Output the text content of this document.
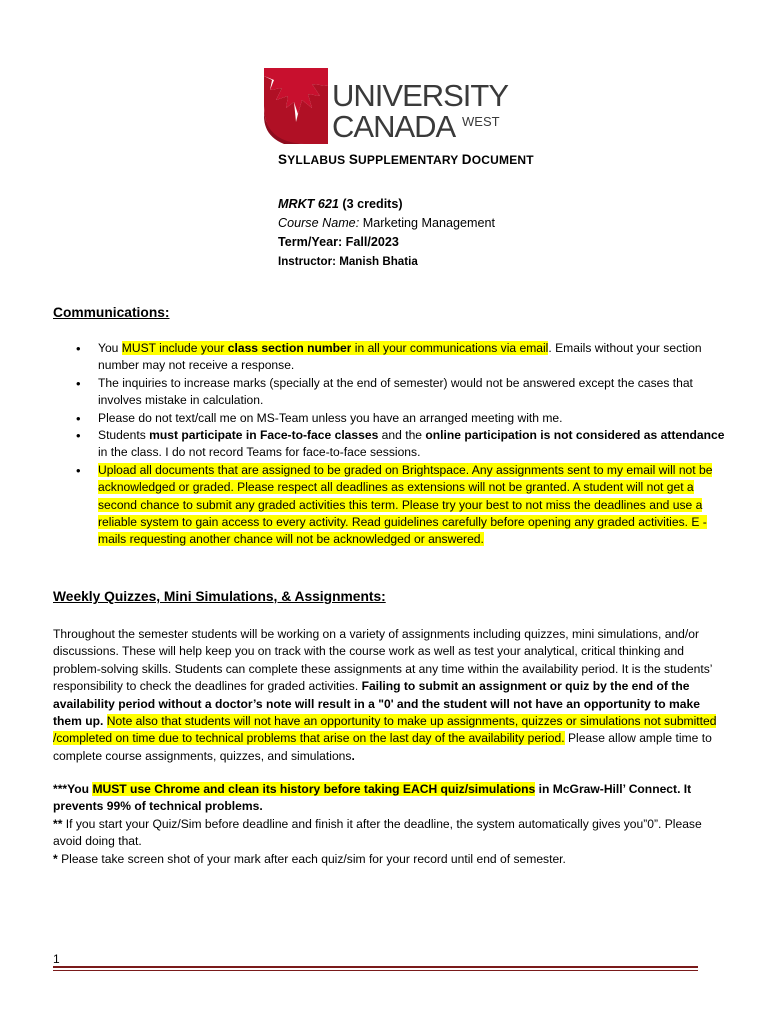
UNIVERSITY
CANADA WEST
SYLLABUS SUPPLEMENTARY DOCUMENT
MRKT 621 (3 credits)
Course Name: Marketing Management
Term/Year: Fall/2023
Instructor: Manish Bhatia
Communications:
• You MUST include your class section number in all your communications via email. Emails without your section number may not receive a response.
• The inquiries to increase marks (specially at the end of semester) would not be answered except the cases that involves mistake in calculation.
• Please do not text/call me on MS-Team unless you have an arranged meeting with me.
• Students must participate in Face-to-face classes and the online participation is not considered as attendance in the class. I do not record Teams for face-to-face sessions.
• Upload all documents that are assigned to be graded on Brightspace. Any assignments sent to my email will not be acknowledged or graded. Please respect all deadlines as extensions will not be granted. A student will not get a second chance to submit any graded activities this term. Please try your best to not miss the deadlines and use a reliable system to gain access to every activity. Read guidelines carefully before opening any graded activities. E -mails requesting another chance will not be acknowledged or answered.
Weekly Quizzes, Mini Simulations, & Assignments:

Throughout the semester students will be working on a variety of assignments including quizzes, mini simulations, and/or discussions. These will help keep you on track with the course work as well as test your analytical, critical thinking and problem-solving skills. Students can complete these assignments at any time within the availability period. It is the students’ responsibility to check the deadlines for graded activities. Failing to submit an assignment or quiz by the end of the availability period without a doctor’s note will result in a "0' and the student will not have an opportunity to make them up. Note also that students will not have an opportunity to make up assignments, quizzes or simulations not submitted /completed on time due to technical problems that arise on the last day of the availability period. Please allow ample time to complete course assignments, quizzes, and simulations.

***You MUST use Chrome and clean its history before taking EACH quiz/simulations in McGraw-Hill’ Connect. It prevents 99% of technical problems.
** If you start your Quiz/Sim before deadline and finish it after the deadline, the system automatically gives you”0”. Please avoid doing that.
* Please take screen shot of your mark after each quiz/sim for your record until end of semester.
1
